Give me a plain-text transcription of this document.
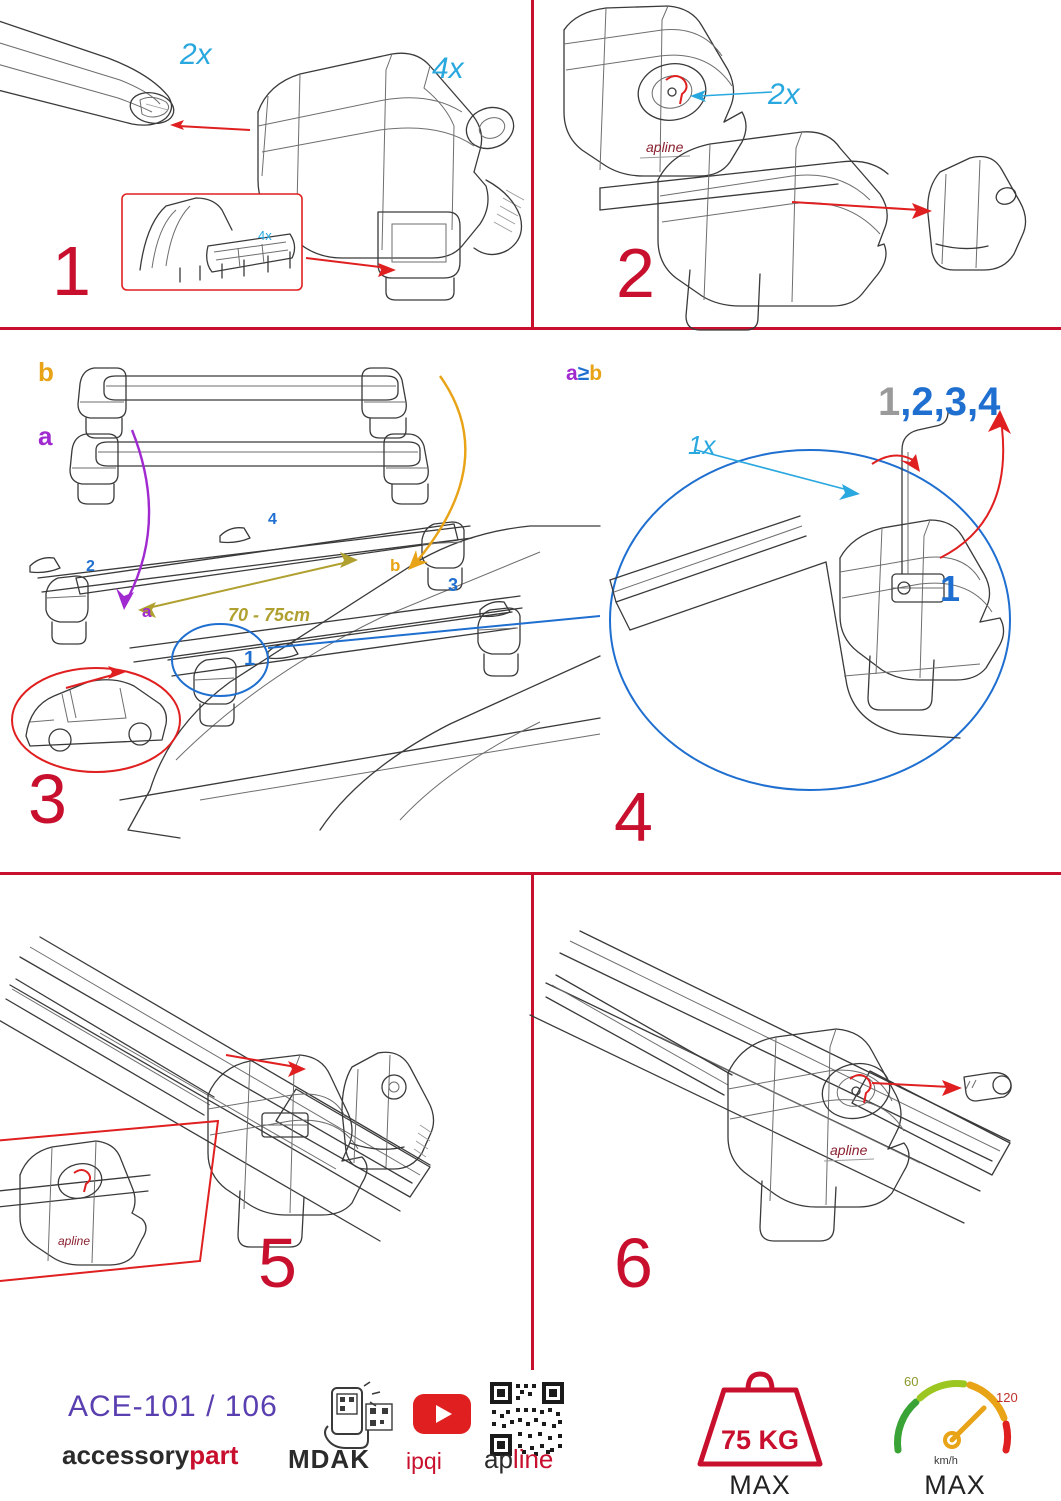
4x
2x	4x
1
apline
2x
2
b
a
a
b
a≥b
70 - 75cm
1
2
3
4
3
1x
1,2,3,4
1
4
apline 5
apline
6
ACE-101 / 106
accessorypart MDAK ipqi apline
75 KG
MAX
60
120
km/h
MAX
